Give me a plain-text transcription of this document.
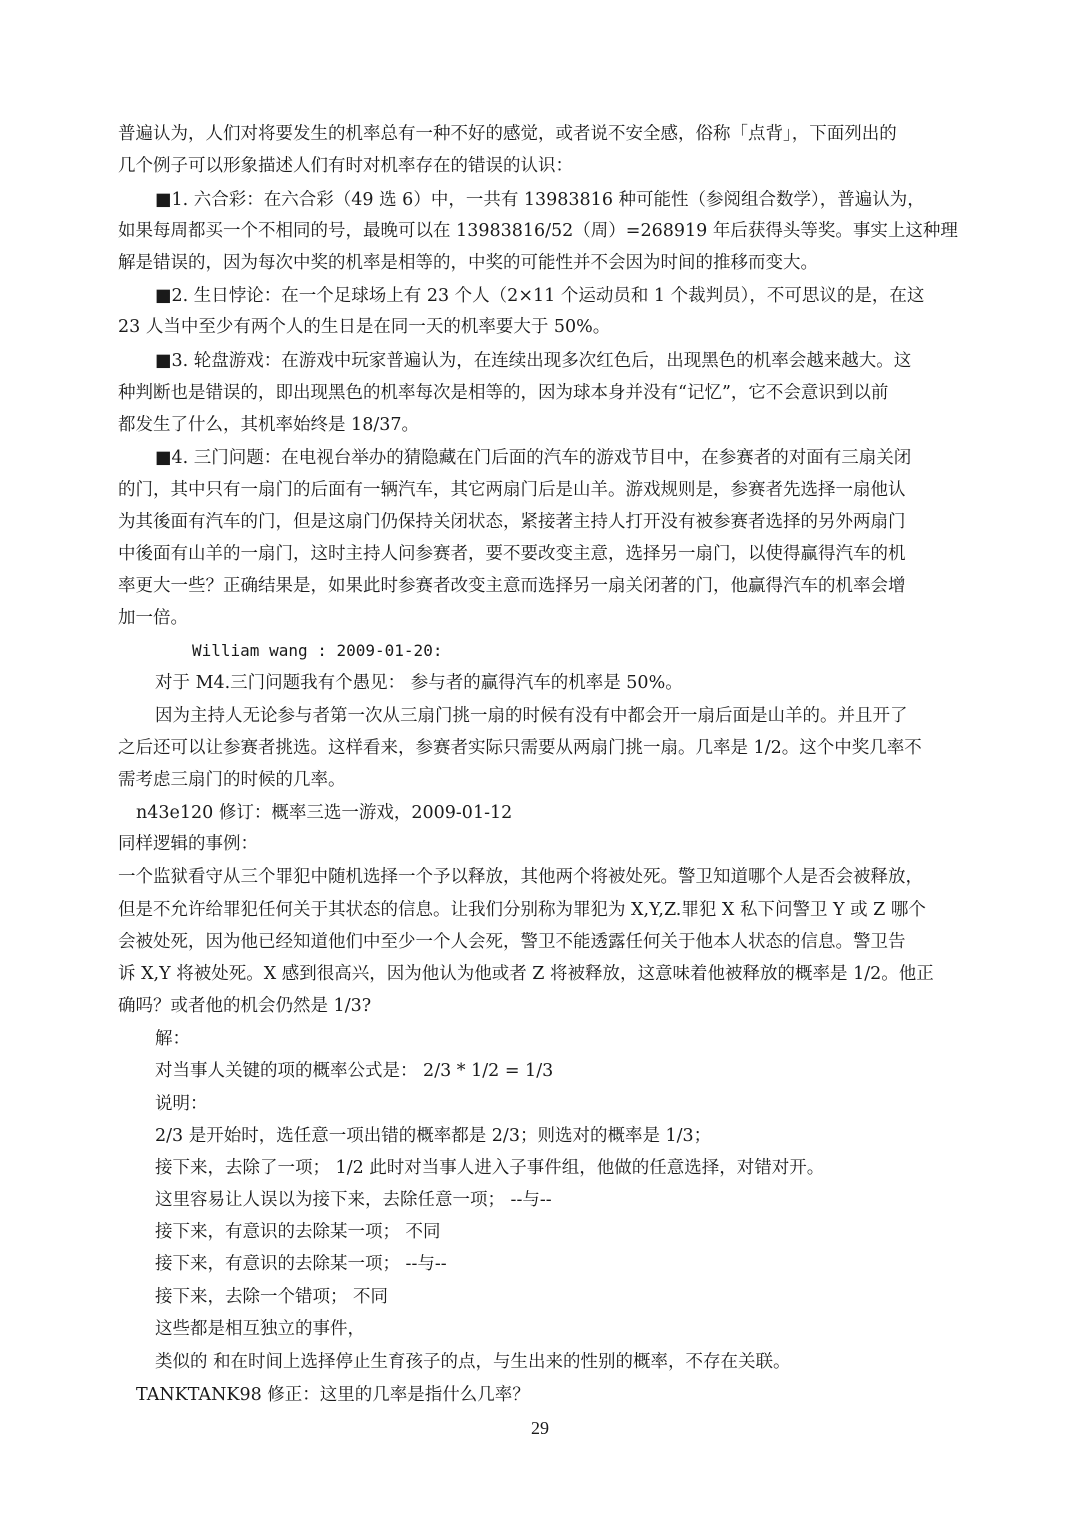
普遍认为，人们对将要发生的机率总有一种不好的感觉，或者说不安全感，俗称「点背」，下面列出的
几个例子可以形象描述人们有时对机率存在的错误的认识：
■1. 六合彩：在六合彩（49 选 6）中，一共有 13983816 种可能性（参阅组合数学），普遍认为，
如果每周都买一个不相同的号，最晚可以在 13983816/52（周）=268919 年后获得头等奖。事实上这种理
解是错误的，因为每次中奖的机率是相等的，中奖的可能性并不会因为时间的推移而变大。
■2. 生日悖论：在一个足球场上有 23 个人（2×11 个运动员和 1 个裁判员），不可思议的是，在这
23 人当中至少有两个人的生日是在同一天的机率要大于 50%。
■3. 轮盘游戏：在游戏中玩家普遍认为，在连续出现多次红色后，出现黑色的机率会越来越大。这
种判断也是错误的，即出现黑色的机率每次是相等的，因为球本身并没有“记忆”，它不会意识到以前
都发生了什么，其机率始终是 18/37。
■4. 三门问题：在电视台举办的猜隐藏在门后面的汽车的游戏节目中，在参赛者的对面有三扇关闭
的门，其中只有一扇门的后面有一辆汽车，其它两扇门后是山羊。游戏规则是，参赛者先选择一扇他认
为其後面有汽车的门，但是这扇门仍保持关闭状态，紧接著主持人打开没有被参赛者选择的另外两扇门
中後面有山羊的一扇门，这时主持人问参赛者，要不要改变主意，选择另一扇门，以使得赢得汽车的机
率更大一些？正确结果是，如果此时参赛者改变主意而选择另一扇关闭著的门，他赢得汽车的机率会增
加一倍。
William wang : 2009-01-20:
对于 M4.三门问题我有个愚见： 参与者的赢得汽车的机率是 50%。
因为主持人无论参与者第一次从三扇门挑一扇的时候有没有中都会开一扇后面是山羊的。并且开了
之后还可以让参赛者挑选。这样看来，参赛者实际只需要从两扇门挑一扇。几率是 1/2。这个中奖几率不
需考虑三扇门的时候的几率。
n43e120 修订：概率三选一游戏，2009-01-12
同样逻辑的事例：
一个监狱看守从三个罪犯中随机选择一个予以释放，其他两个将被处死。警卫知道哪个人是否会被释放，
但是不允许给罪犯任何关于其状态的信息。让我们分别称为罪犯为 X,Y,Z.罪犯 X 私下问警卫 Y 或 Z 哪个
会被处死，因为他已经知道他们中至少一个人会死，警卫不能透露任何关于他本人状态的信息。警卫告
诉 X,Y 将被处死。X 感到很高兴，因为他认为他或者 Z 将被释放，这意味着他被释放的概率是 1/2。他正
确吗？或者他的机会仍然是 1/3?
解：
对当事人关键的项的概率公式是： 2/3 * 1/2 = 1/3
说明：
2/3 是开始时，选任意一项出错的概率都是 2/3；则选对的概率是 1/3；
接下来，去除了一项； 1/2 此时对当事人进入子事件组，他做的任意选择，对错对开。
这里容易让人误以为接下来，去除任意一项； --与--
接下来，有意识的去除某一项； 不同
接下来，有意识的去除某一项； --与--
接下来，去除一个错项； 不同
这些都是相互独立的事件，
类似的 和在时间上选择停止生育孩子的点，与生出来的性别的概率，不存在关联。
TANKTANK98 修正：这里的几率是指什么几率？
29
